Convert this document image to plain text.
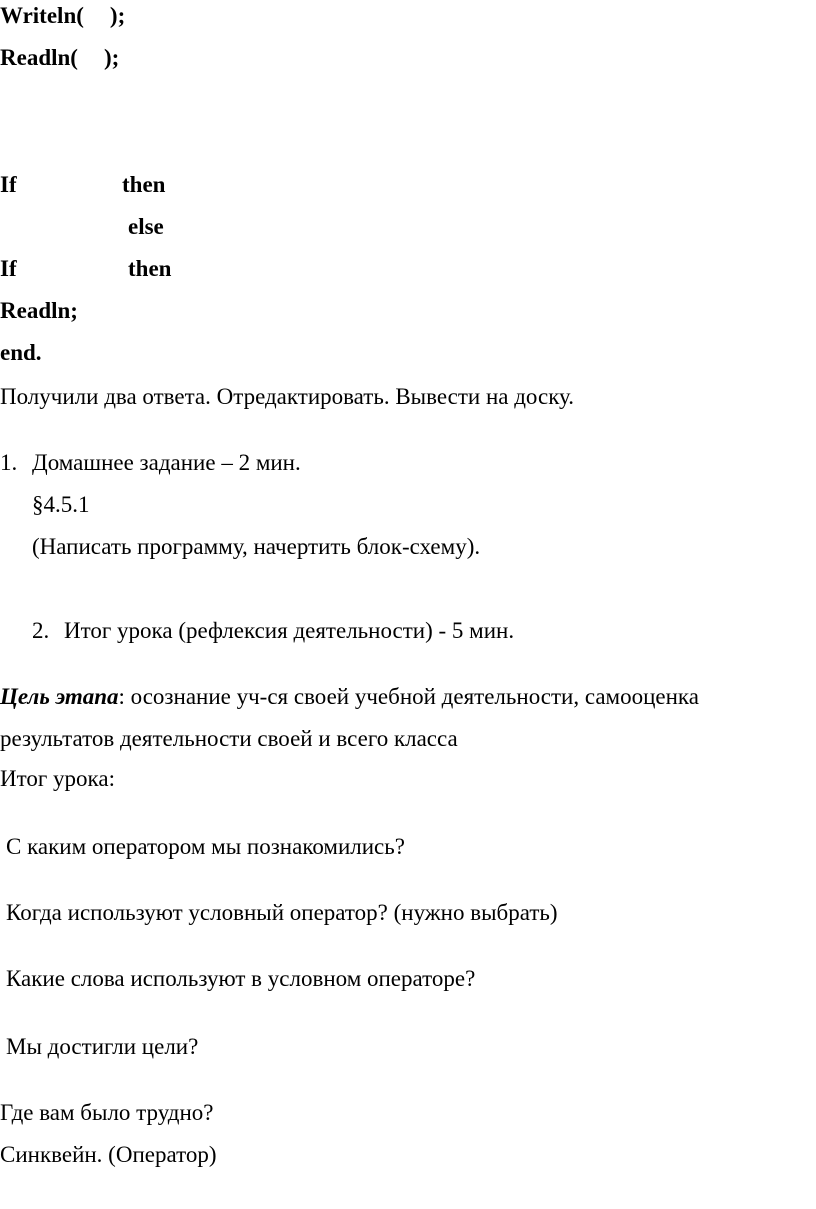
Writeln( );
Readln( );
If	then
else
If	then
Readln;
end.
Получили два ответа. Отредактировать. Вывести на доску.
1. Домашнее задание – 2 мин.
§4.5.1
(Написать программу, начертить блок-схему).
2. Итог урока (рефлексия деятельности) - 5 мин.
Цель этапа: осознание уч-ся своей учебной деятельности, самооценка
результатов деятельности своей и всего класса
Итог урока:
С каким оператором мы познакомились?
Когда используют условный оператор? (нужно выбрать)
Какие слова используют в условном операторе?
Мы достигли цели?
Где вам было трудно?
Синквейн. (Оператор)
